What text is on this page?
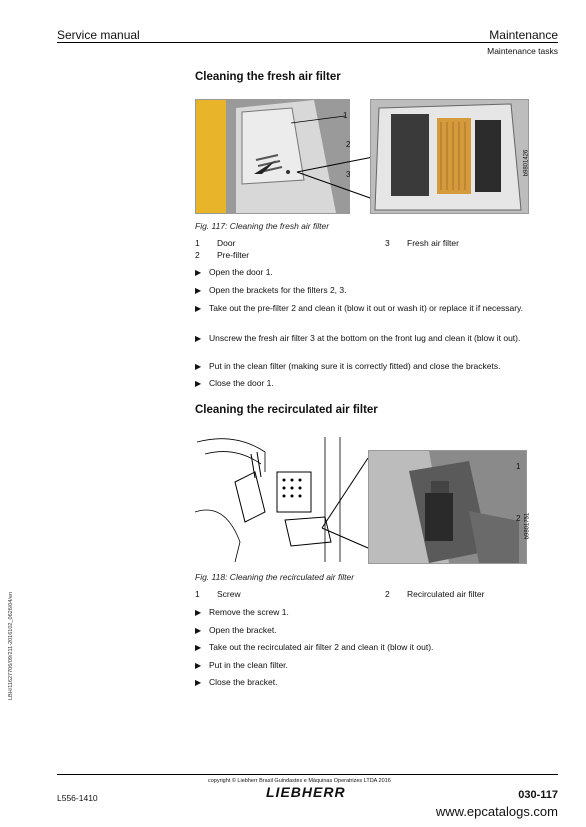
Service manual	Maintenance
Maintenance tasks
Cleaning the fresh air filter
1
2
3	b9801426
Fig. 117: Cleaning the fresh air filter
1 Door	3 Fresh air filter
2 Pre-filter
▶ Open the door 1.
▶ Open the brackets for the filters 2, 3.
▶ Take out the pre-filter 2 and clean it (blow it out or wash it) or replace it if necessary.
▶ Unscrew the fresh air filter 3 at the bottom on the front lug and clean it (blow it out).
▶ Put in the clean filter (making sure it is correctly fitted) and close the brackets.
▶ Close the door 1.
Cleaning the recirculated air filter
b9801751
1
2
Fig. 118: Cleaning the recirculated air filter
1 Screw	2 Recirculated air filter
▶ Remove the screw 1.
▶ Open the bracket.
▶ Take out the recirculated air filter 2 and clean it (blow it out).
▶ Put in the clean filter.
▶ Close the bracket.
LBH/11627706/09/211-2016102_0626/04/en
copyright © Liebherr Brasil Guindastes e Máquinas Operatrizes LTDA 2016
L556-1410	LIEBHERR	030-117
www.epcatalogs.com
